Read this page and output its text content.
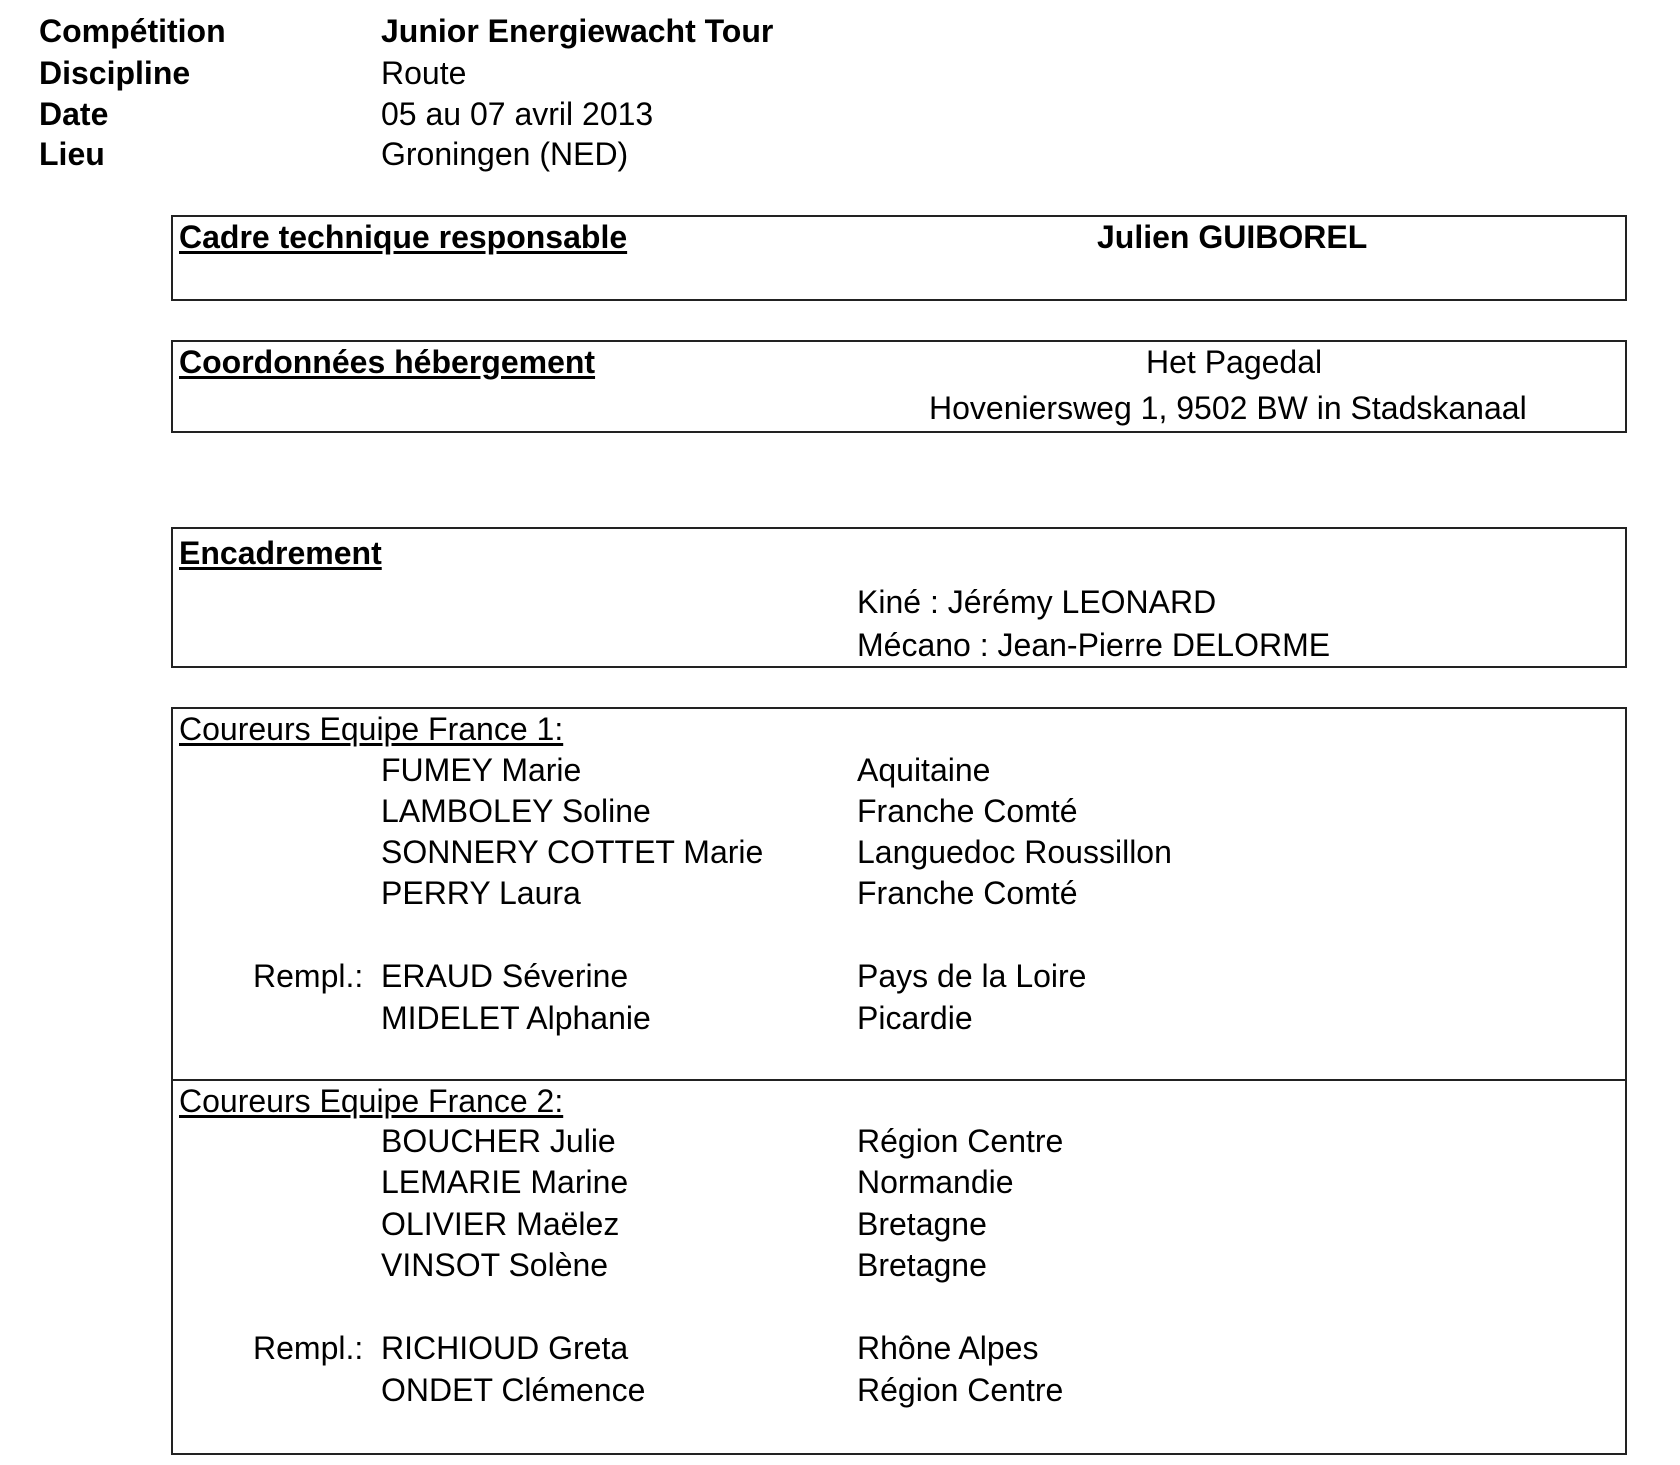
Compétition	Junior Energiewacht Tour
Discipline	Route
Date	05 au 07 avril 2013
Lieu	Groningen (NED)
Cadre technique responsable	Julien GUIBOREL
Coordonnées hébergement	Het Pagedal
Hoveniersweg 1, 9502 BW in Stadskanaal
Encadrement
Kiné : Jérémy LEONARD
Mécano : Jean-Pierre DELORME
Coureurs Equipe France 1:
FUMEY Marie	Aquitaine
LAMBOLEY Soline	Franche Comté
SONNERY COTTET Marie	Languedoc Roussillon
PERRY Laura	Franche Comté
Rempl.: ERAUD Séverine	Pays de la Loire
MIDELET Alphanie	Picardie
Coureurs Equipe France 2:
BOUCHER Julie	Région Centre
LEMARIE Marine	Normandie
OLIVIER Maëlez	Bretagne
VINSOT Solène	Bretagne
Rempl.: RICHIOUD Greta	Rhône Alpes
ONDET Clémence	Région Centre
